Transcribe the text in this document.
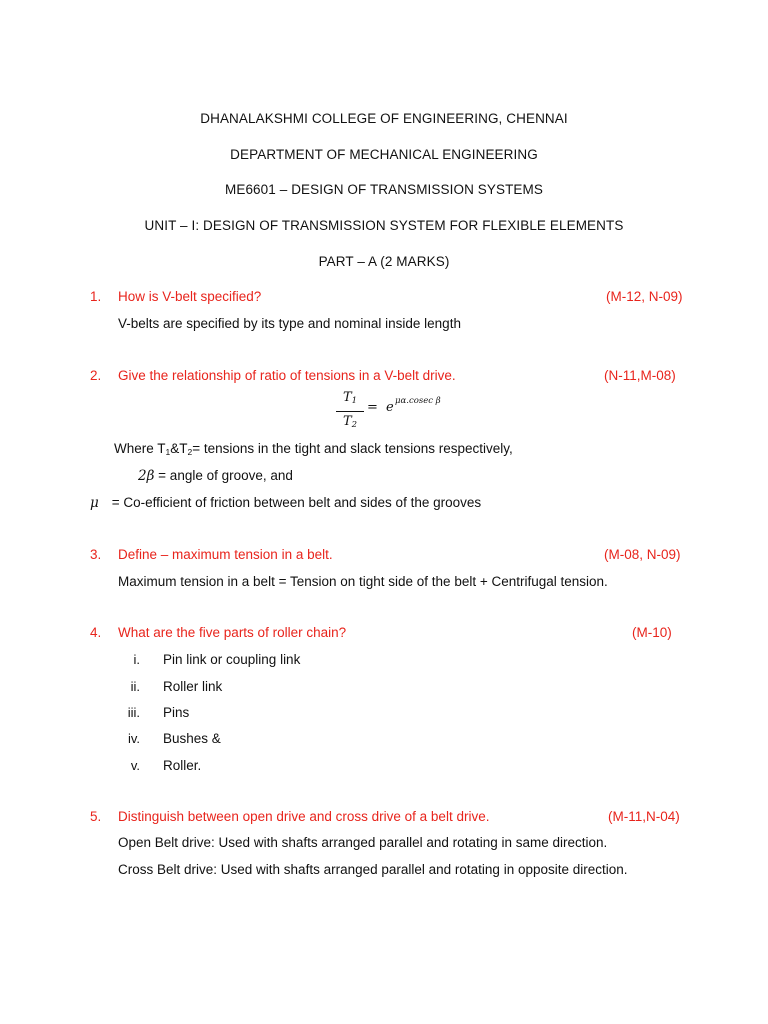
DHANALAKSHMI COLLEGE OF ENGINEERING, CHENNAI
DEPARTMENT OF MECHANICAL ENGINEERING
ME6601 – DESIGN OF TRANSMISSION SYSTEMS
UNIT – I: DESIGN OF TRANSMISSION SYSTEM FOR FLEXIBLE ELEMENTS
PART – A (2 MARKS)
1. How is V-belt specified?	(M-12, N-09)
V-belts are specified by its type and nominal inside length
2. Give the relationship of ratio of tensions in a V-belt drive.	(N-11,M-08)
$T_1$
$T_2$
= e μα.cosec β
Where $T_1\&T_2=$ tensions in the tight and slack tensions respectively,
2β = angle of groove, and
μ = Co-efficient of friction between belt and sides of the grooves
3. Define – maximum tension in a belt.	(M-08, N-09)
Maximum tension in a belt = Tension on tight side of the belt + Centrifugal tension.
4. What are the five parts of roller chain?	(M-10)
i. Pin link or coupling link
ii. Roller link
iii. Pins
iv. Bushes &
v. Roller.
5. Distinguish between open drive and cross drive of a belt drive.	(M-11,N-04)
Open Belt drive: Used with shafts arranged parallel and rotating in same direction.
Cross Belt drive: Used with shafts arranged parallel and rotating in opposite direction.
